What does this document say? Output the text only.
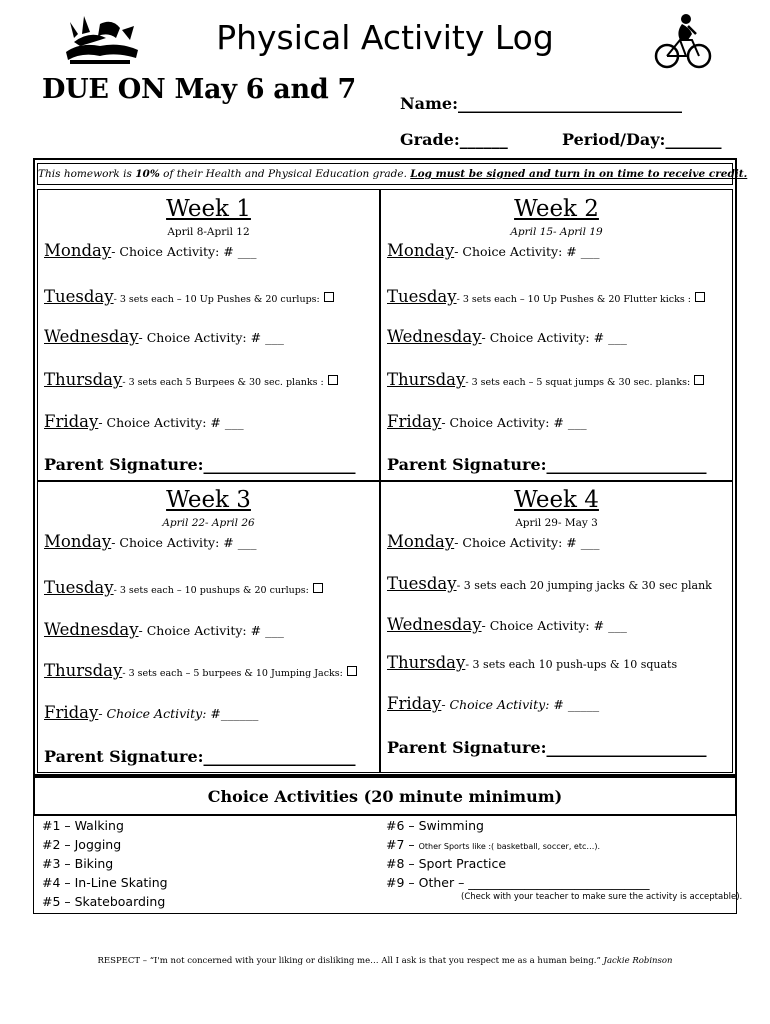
Physical Activity Log
DUE ON May 6 and 7	Name:____________________________
Grade:______	Period/Day:_______
This homework is 10% of their Health and Physical Education grade. Log must be signed and turn in on time to receive credit.
Week 1
April 8-April 12
Monday- Choice Activity: # ___
Tuesday- 3 sets each – 10 Up Pushes & 20 curlups:
Wednesday- Choice Activity: # ___
Thursday- 3 sets each 5 Burpees & 30 sec. planks :
Friday- Choice Activity: # ___
Parent Signature:___________________
Week 2
April 15- April 19
Monday- Choice Activity: # ___
Tuesday- 3 sets each – 10 Up Pushes & 20 Flutter kicks :
Wednesday- Choice Activity: # ___
Thursday- 3 sets each – 5 squat jumps & 30 sec. planks:
Friday- Choice Activity: # ___
Parent Signature:____________________
Week 3
April 22- April 26
Monday- Choice Activity: # ___
Tuesday- 3 sets each – 10 pushups & 20 curlups:
Wednesday- Choice Activity: # ___
Thursday- 3 sets each – 5 burpees & 10 Jumping Jacks:
Friday- Choice Activity: #______
Parent Signature:___________________
Week 4
April 29- May 3
Monday- Choice Activity: # ___
Tuesday- 3 sets each 20 jumping jacks & 30 sec plank
Wednesday- Choice Activity: # ___
Thursday- 3 sets each 10 push-ups & 10 squats
Friday- Choice Activity: # _____
Parent Signature:____________________
Choice Activities (20 minute minimum)
#1 – Walking
#2 – Jogging
#3 – Biking
#4 – In-Line Skating
#5 – Skateboarding
#6 – Swimming
#7 – Other Sports like :( basketball, soccer, etc…).
#8 – Sport Practice
#9 – Other – _____________________________
(Check with your teacher to make sure the activity is acceptable).
RESPECT – “I'm not concerned with your liking or disliking me… All I ask is that you respect me as a human being.” Jackie Robinson
